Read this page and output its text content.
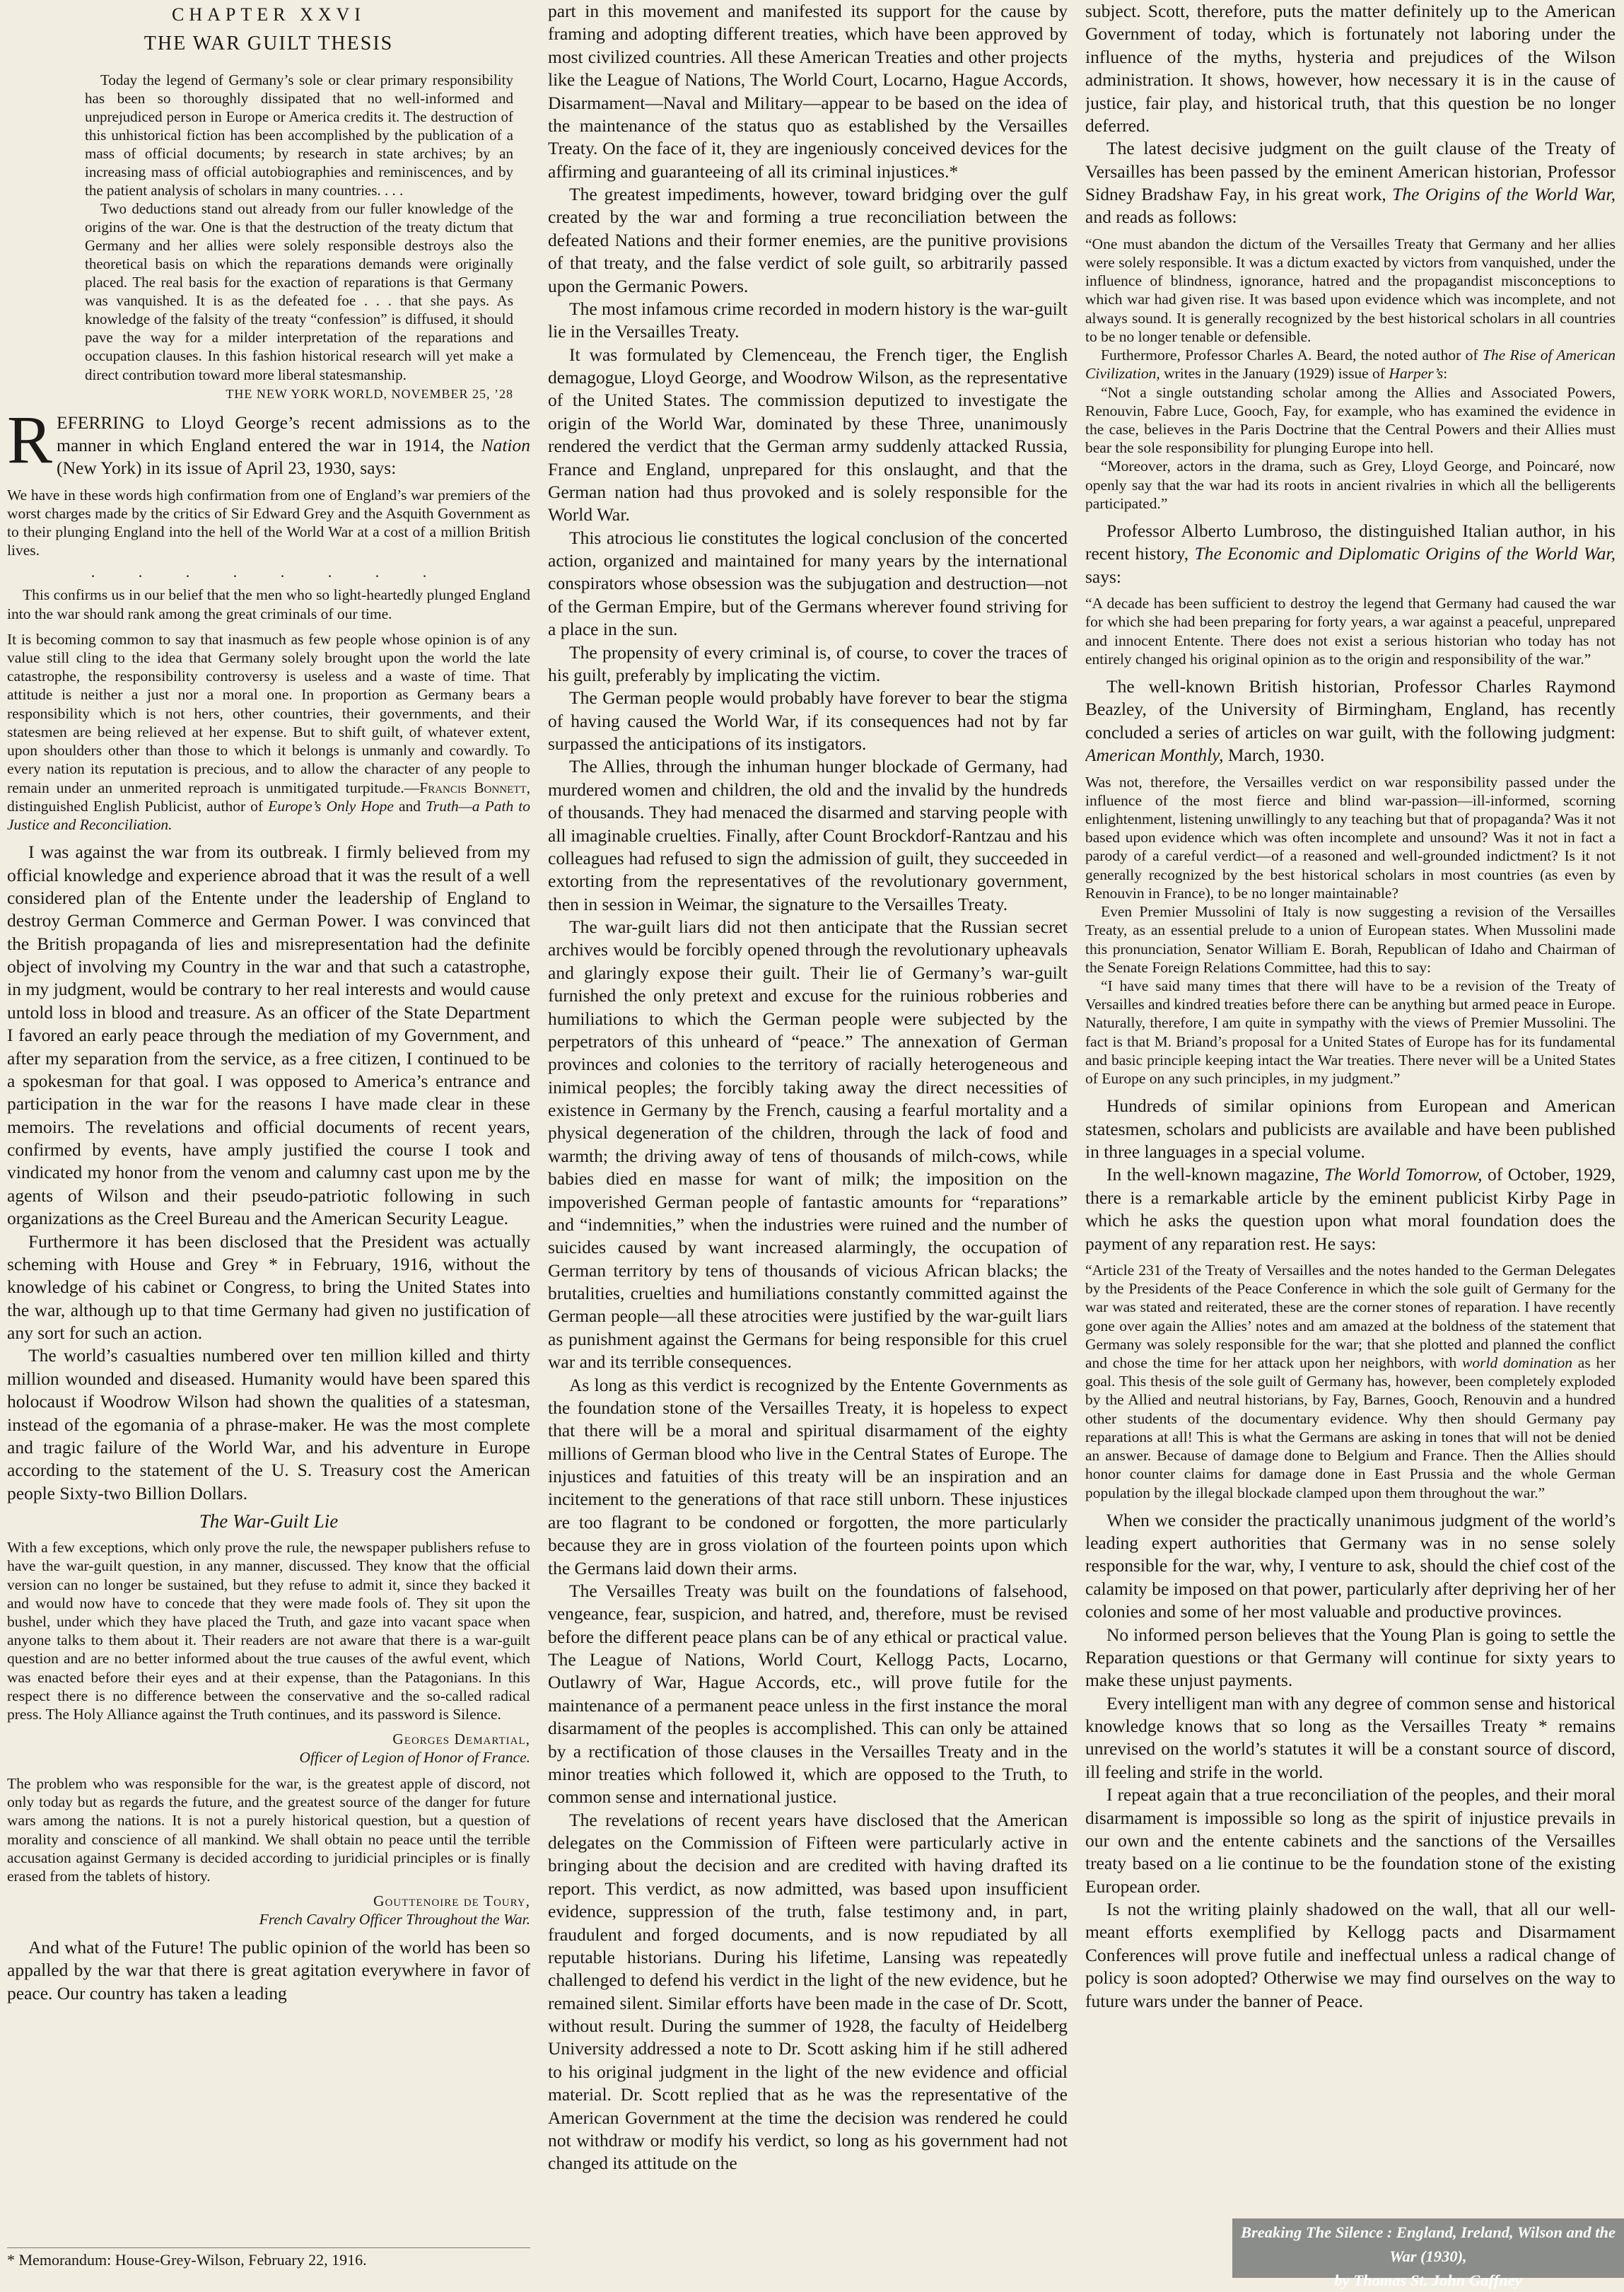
CHAPTER XXVI
THE WAR GUILT THESIS

Today the legend of Germany’s sole or clear primary responsibility has been so thoroughly dissipated that no well-informed and unprejudiced person in Europe or America credits it. The destruction of this unhistorical fiction has been accomplished by the publication of a mass of official documents; by research in state archives; by an increasing mass of official autobiographies and reminiscences, and by the patient analysis of scholars in many countries. . . .

Two deductions stand out already from our fuller knowledge of the origins of the war. One is that the destruction of the treaty dictum that Germany and her allies were solely responsible destroys also the theoretical basis on which the reparations demands were originally placed. The real basis for the exaction of reparations is that Germany was vanquished. It is as the defeated foe . . . that she pays. As knowledge of the falsity of the treaty “confession” is diffused, it should pave the way for a milder interpretation of the reparations and occupation clauses. In this fashion historical research will yet make a direct contribution toward more liberal statesmanship.

THE NEW YORK WORLD, NOVEMBER 25, ’28

REFERRING to Lloyd George’s recent admissions as to the manner in which England entered the war in 1914, the Nation (New York) in its issue of April 23, 1930, says:

We have in these words high confirmation from one of England’s war premiers of the worst charges made by the critics of Sir Edward Grey and the Asquith Government as to their plunging England into the hell of the World War at a cost of a million British lives.

. . . . . . . .

This confirms us in our belief that the men who so light-heartedly plunged England into the war should rank among the great criminals of our time.

It is becoming common to say that inasmuch as few people whose opinion is of any value still cling to the idea that Germany solely brought upon the world the late catastrophe, the responsibility controversy is useless and a waste of time. That attitude is neither a just nor a moral one. In proportion as Germany bears a responsibility which is not hers, other countries, their governments, and their statesmen are being relieved at her expense. But to shift guilt, of whatever extent, upon shoulders other than those to which it belongs is unmanly and cowardly. To every nation its reputation is precious, and to allow the character of any people to remain under an unmerited reproach is unmitigated turpitude.—Francis Bonnett, distinguished English Publicist, author of Europe’s Only Hope and Truth—a Path to Justice and Reconciliation.

I was against the war from its outbreak. I firmly believed from my official knowledge and experience abroad that it was the result of a well considered plan of the Entente under the leadership of England to destroy German Commerce and German Power. I was convinced that the British propaganda of lies and misrepresentation had the definite object of involving my Country in the war and that such a catastrophe, in my judgment, would be contrary to her real interests and would cause untold loss in blood and treasure. As an officer of the State Department I favored an early peace through the mediation of my Government, and after my separation from the service, as a free citizen, I continued to be a spokesman for that goal. I was opposed to America’s entrance and participation in the war for the reasons I have made clear in these memoirs. The revelations and official documents of recent years, confirmed by events, have amply justified the course I took and vindicated my honor from the venom and calumny cast upon me by the agents of Wilson and their pseudo-patriotic following in such organizations as the Creel Bureau and the American Security League.

Furthermore it has been disclosed that the President was actually scheming with House and Grey * in February, 1916, without the knowledge of his cabinet or Congress, to bring the United States into the war, although up to that time Germany had given no justification of any sort for such an action.

The world’s casualties numbered over ten million killed and thirty million wounded and diseased. Humanity would have been spared this holocaust if Woodrow Wilson had shown the qualities of a statesman, instead of the egomania of a phrase-maker. He was the most complete and tragic failure of the World War, and his adventure in Europe according to the statement of the U. S. Treasury cost the American people Sixty-two Billion Dollars.

The War-Guilt Lie

With a few exceptions, which only prove the rule, the newspaper publishers refuse to have the war-guilt question, in any manner, discussed. They know that the official version can no longer be sustained, but they refuse to admit it, since they backed it and would now have to concede that they were made fools of. They sit upon the bushel, under which they have placed the Truth, and gaze into vacant space when anyone talks to them about it. Their readers are not aware that there is a war-guilt question and are no better informed about the true causes of the awful event, which was enacted before their eyes and at their expense, than the Patagonians. In this respect there is no difference between the conservative and the so-called radical press. The Holy Alliance against the Truth continues, and its password is Silence.

Georges Demartial,
Officer of Legion of Honor of France.

The problem who was responsible for the war, is the greatest apple of discord, not only today but as regards the future, and the greatest source of the danger for future wars among the nations. It is not a purely historical question, but a question of morality and conscience of all mankind. We shall obtain no peace until the terrible accusation against Germany is decided according to juridicial principles or is finally erased from the tablets of history.

Gouttenoire de Toury,
French Cavalry Officer Throughout the War.

And what of the Future! The public opinion of the world has been so appalled by the war that there is great agitation everywhere in favor of peace. Our country has taken a leading

* Memorandum: House-Grey-Wilson, February 22, 1916.

part in this movement and manifested its support for the cause by framing and adopting different treaties, which have been approved by most civilized countries. All these American Treaties and other projects like the League of Nations, The World Court, Locarno, Hague Accords, Disarmament—Naval and Military—appear to be based on the idea of the maintenance of the status quo as established by the Versailles Treaty. On the face of it, they are ingeniously conceived devices for the affirming and guaranteeing of all its criminal injustices.*

The greatest impediments, however, toward bridging over the gulf created by the war and forming a true reconciliation between the defeated Nations and their former enemies, are the punitive provisions of that treaty, and the false verdict of sole guilt, so arbitrarily passed upon the Germanic Powers.

The most infamous crime recorded in modern history is the war-guilt lie in the Versailles Treaty.

It was formulated by Clemenceau, the French tiger, the English demagogue, Lloyd George, and Woodrow Wilson, as the representative of the United States. The commission deputized to investigate the origin of the World War, dominated by these Three, unanimously rendered the verdict that the German army suddenly attacked Russia, France and England, unprepared for this onslaught, and that the German nation had thus provoked and is solely responsible for the World War.

This atrocious lie constitutes the logical conclusion of the concerted action, organized and maintained for many years by the international conspirators whose obsession was the subjugation and destruction—not of the German Empire, but of the Germans wherever found striving for a place in the sun.

The propensity of every criminal is, of course, to cover the traces of his guilt, preferably by implicating the victim.

The German people would probably have forever to bear the stigma of having caused the World War, if its consequences had not by far surpassed the anticipations of its instigators.

The Allies, through the inhuman hunger blockade of Germany, had murdered women and children, the old and the invalid by the hundreds of thousands. They had menaced the disarmed and starving people with all imaginable cruelties. Finally, after Count Brockdorf-Rantzau and his colleagues had refused to sign the admission of guilt, they succeeded in extorting from the representatives of the revolutionary government, then in session in Weimar, the signature to the Versailles Treaty.

The war-guilt liars did not then anticipate that the Russian secret archives would be forcibly opened through the revolutionary upheavals and glaringly expose their guilt. Their lie of Germany’s war-guilt furnished the only pretext and excuse for the ruinious robberies and humiliations to which the German people were subjected by the perpetrators of this unheard of “peace.” The annexation of German provinces and colonies to the territory of racially heterogeneous and inimical peoples; the forcibly taking away the direct necessities of existence in Germany by the French, causing a fearful mortality and a physical degeneration of the children, through the lack of food and warmth; the driving away of tens of thousands of milch-cows, while babies died en masse for want of milk; the imposition on the impoverished German people of fantastic amounts for “reparations” and “indemnities,” when the industries were ruined and the number of suicides caused by want increased alarmingly, the occupation of German territory by tens of thousands of vicious African blacks; the brutalities, cruelties and humiliations constantly committed against the German people—all these atrocities were justified by the war-guilt liars as punishment against the Germans for being responsible for this cruel war and its terrible consequences.

As long as this verdict is recognized by the Entente Governments as the foundation stone of the Versailles Treaty, it is hopeless to expect that there will be a moral and spiritual disarmament of the eighty millions of German blood who live in the Central States of Europe. The injustices and fatuities of this treaty will be an inspiration and an incitement to the generations of that race still unborn. These injustices are too flagrant to be condoned or forgotten, the more particularly because they are in gross violation of the fourteen points upon which the Germans laid down their arms.

The Versailles Treaty was built on the foundations of falsehood, vengeance, fear, suspicion, and hatred, and, therefore, must be revised before the different peace plans can be of any ethical or practical value. The League of Nations, World Court, Kellogg Pacts, Locarno, Outlawry of War, Hague Accords, etc., will prove futile for the maintenance of a permanent peace unless in the first instance the moral disarmament of the peoples is accomplished. This can only be attained by a rectification of those clauses in the Versailles Treaty and in the minor treaties which followed it, which are opposed to the Truth, to common sense and international justice.

The revelations of recent years have disclosed that the American delegates on the Commission of Fifteen were particularly active in bringing about the decision and are credited with having drafted its report. This verdict, as now admitted, was based upon insufficient evidence, suppression of the truth, false testimony and, in part, fraudulent and forged documents, and is now repudiated by all reputable historians. During his lifetime, Lansing was repeatedly challenged to defend his verdict in the light of the new evidence, but he remained silent. Similar efforts have been made in the case of Dr. Scott, without result. During the summer of 1928, the faculty of Heidelberg University addressed a note to Dr. Scott asking him if he still adhered to his original judgment in the light of the new evidence and official material. Dr. Scott replied that as he was the representative of the American Government at the time the decision was rendered he could not withdraw or modify his verdict, so long as his government had not changed its attitude on the

subject. Scott, therefore, puts the matter definitely up to the American Government of today, which is fortunately not laboring under the influence of the myths, hysteria and prejudices of the Wilson administration. It shows, however, how necessary it is in the cause of justice, fair play, and historical truth, that this question be no longer deferred.

The latest decisive judgment on the guilt clause of the Treaty of Versailles has been passed by the eminent American historian, Professor Sidney Bradshaw Fay, in his great work, The Origins of the World War, and reads as follows:

“One must abandon the dictum of the Versailles Treaty that Germany and her allies were solely responsible. It was a dictum exacted by victors from vanquished, under the influence of blindness, ignorance, hatred and the propagandist misconceptions to which war had given rise. It was based upon evidence which was incomplete, and not always sound. It is generally recognized by the best historical scholars in all countries to be no longer tenable or defensible.

Furthermore, Professor Charles A. Beard, the noted author of The Rise of American Civilization, writes in the January (1929) issue of Harper’s:

“Not a single outstanding scholar among the Allies and Associated Powers, Renouvin, Fabre Luce, Gooch, Fay, for example, who has examined the evidence in the case, believes in the Paris Doctrine that the Central Powers and their Allies must bear the sole responsibility for plunging Europe into hell.

“Moreover, actors in the drama, such as Grey, Lloyd George, and Poincaré, now openly say that the war had its roots in ancient rivalries in which all the belligerents participated.”

Professor Alberto Lumbroso, the distinguished Italian author, in his recent history, The Economic and Diplomatic Origins of the World War, says:

“A decade has been sufficient to destroy the legend that Germany had caused the war for which she had been preparing for forty years, a war against a peaceful, unprepared and innocent Entente. There does not exist a serious historian who today has not entirely changed his original opinion as to the origin and responsibility of the war.”

The well-known British historian, Professor Charles Raymond Beazley, of the University of Birmingham, England, has recently concluded a series of articles on war guilt, with the following judgment: American Monthly, March, 1930.

Was not, therefore, the Versailles verdict on war responsibility passed under the influence of the most fierce and blind war-passion—ill-informed, scorning enlightenment, listening unwillingly to any teaching but that of propaganda? Was it not based upon evidence which was often incomplete and unsound? Was it not in fact a parody of a careful verdict—of a reasoned and well-grounded indictment? Is it not generally recognized by the best historical scholars in most countries (as even by Renouvin in France), to be no longer maintainable?

Even Premier Mussolini of Italy is now suggesting a revision of the Versailles Treaty, as an essential prelude to a union of European states. When Mussolini made this pronunciation, Senator William E. Borah, Republican of Idaho and Chairman of the Senate Foreign Relations Committee, had this to say:

“I have said many times that there will have to be a revision of the Treaty of Versailles and kindred treaties before there can be anything but armed peace in Europe. Naturally, therefore, I am quite in sympathy with the views of Premier Mussolini. The fact is that M. Briand’s proposal for a United States of Europe has for its fundamental and basic principle keeping intact the War treaties. There never will be a United States of Europe on any such principles, in my judgment.”

Hundreds of similar opinions from European and American statesmen, scholars and publicists are available and have been published in three languages in a special volume.

In the well-known magazine, The World Tomorrow, of October, 1929, there is a remarkable article by the eminent publicist Kirby Page in which he asks the question upon what moral foundation does the payment of any reparation rest. He says:

“Article 231 of the Treaty of Versailles and the notes handed to the German Delegates by the Presidents of the Peace Conference in which the sole guilt of Germany for the war was stated and reiterated, these are the corner stones of reparation. I have recently gone over again the Allies’ notes and am amazed at the boldness of the statement that Germany was solely responsible for the war; that she plotted and planned the conflict and chose the time for her attack upon her neighbors, with world domination as her goal. This thesis of the sole guilt of Germany has, however, been completely exploded by the Allied and neutral historians, by Fay, Barnes, Gooch, Renouvin and a hundred other students of the documentary evidence. Why then should Germany pay reparations at all! This is what the Germans are asking in tones that will not be denied an answer. Because of damage done to Belgium and France. Then the Allies should honor counter claims for damage done in East Prussia and the whole German population by the illegal blockade clamped upon them throughout the war.”

When we consider the practically unanimous judgment of the world’s leading expert authorities that Germany was in no sense solely responsible for the war, why, I venture to ask, should the chief cost of the calamity be imposed on that power, particularly after depriving her of her colonies and some of her most valuable and productive provinces.

No informed person believes that the Young Plan is going to settle the Reparation questions or that Germany will continue for sixty years to make these unjust payments.

Every intelligent man with any degree of common sense and historical knowledge knows that so long as the Versailles Treaty * remains unrevised on the world’s statutes it will be a constant source of discord, ill feeling and strife in the world.

I repeat again that a true reconciliation of the peoples, and their moral disarmament is impossible so long as the spirit of injustice prevails in our own and the entente cabinets and the sanctions of the Versailles treaty based on a lie continue to be the foundation stone of the existing European order.

Is not the writing plainly shadowed on the wall, that all our well-meant efforts exemplified by Kellogg pacts and Disarmament Conferences will prove futile and ineffectual unless a radical change of policy is soon adopted? Otherwise we may find ourselves on the way to future wars under the banner of Peace.

Breaking The Silence : England, Ireland, Wilson and the War (1930),
by Thomas St. John Gaffney
